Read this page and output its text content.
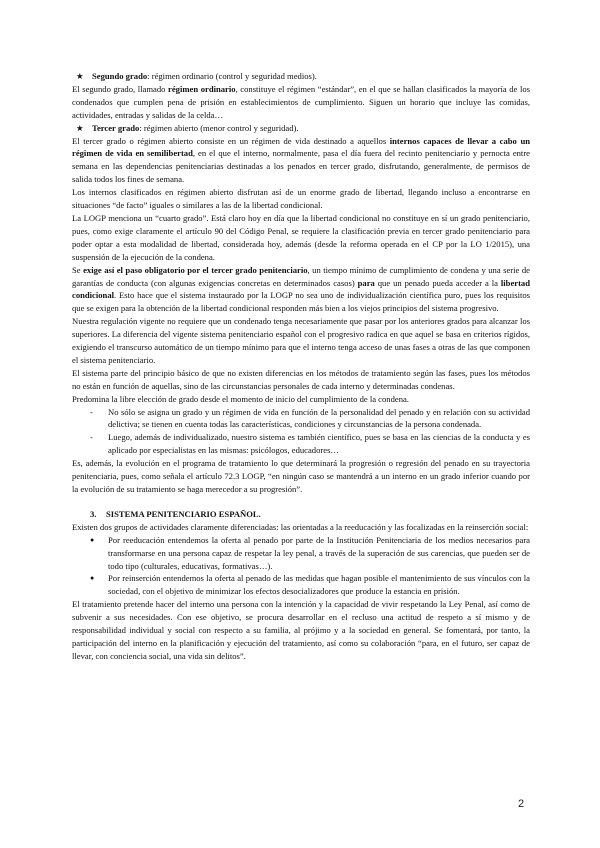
★ Segundo grado: régimen ordinario (control y seguridad medios).

El segundo grado, llamado régimen ordinario, constituye el régimen “estándar”, en el que se hallan clasificados la mayoría de los condenados que cumplen pena de prisión en establecimientos de cumplimiento. Siguen un horario que incluye las comidas, actividades, entradas y salidas de la celda…

★ Tercer grado: régimen abierto (menor control y seguridad).

El tercer grado o régimen abierto consiste en un régimen de vida destinado a aquellos internos capaces de llevar a cabo un régimen de vida en semilibertad, en el que el interno, normalmente, pasa el día fuera del recinto penitenciario y pernocta entre semana en las dependencias penitenciarias destinadas a los penados en tercer grado, disfrutando, generalmente, de permisos de salida todos los fines de semana.

Los internos clasificados en régimen abierto disfrutan así de un enorme grado de libertad, llegando incluso a encontrarse en situaciones “de facto” iguales o similares a las de la libertad condicional.

La LOGP menciona un “cuarto grado”. Está claro hoy en día que la libertad condicional no constituye en sí un grado penitenciario, pues, como exige claramente el artículo 90 del Código Penal, se requiere la clasificación previa en tercer grado penitenciario para poder optar a esta modalidad de libertad, considerada hoy, además (desde la reforma operada en el CP por la LO 1/2015), una suspensión de la ejecución de la condena.

Se exige así el paso obligatorio por el tercer grado penitenciario, un tiempo mínimo de cumplimiento de condena y una serie de garantías de conducta (con algunas exigencias concretas en determinados casos) para que un penado pueda acceder a la libertad condicional. Esto hace que el sistema instaurado por la LOGP no sea uno de individualización científica puro, pues los requisitos que se exigen para la obtención de la libertad condicional responden más bien a los viejos principios del sistema progresivo.

Nuestra regulación vigente no requiere que un condenado tenga necesariamente que pasar por los anteriores grados para alcanzar los superiores. La diferencia del vigente sistema penitenciario español con el progresivo radica en que aquel se basa en criterios rígidos, exigiendo el transcurso automático de un tiempo mínimo para que el interno tenga acceso de unas fases a otras de las que componen el sistema penitenciario.

El sistema parte del principio básico de que no existen diferencias en los métodos de tratamiento según las fases, pues los métodos no están en función de aquellas, sino de las circunstancias personales de cada interno y determinadas condenas.

Predomina la libre elección de grado desde el momento de inicio del cumplimiento de la condena.

- No sólo se asigna un grado y un régimen de vida en función de la personalidad del penado y en relación con su actividad delictiva; se tienen en cuenta todas las características, condiciones y circunstancias de la persona condenada.
- Luego, además de individualizado, nuestro sistema es también científico, pues se basa en las ciencias de la conducta y es aplicado por especialistas en las mismas: psicólogos, educadores…

Es, además, la evolución en el programa de tratamiento lo que determinará la progresión o regresión del penado en su trayectoria penitenciaria, pues, como señala el artículo 72.3 LOGP, “en ningún caso se mantendrá a un interno en un grado inferior cuando por la evolución de su tratamiento se haga merecedor a su progresión”.

3. SISTEMA PENITENCIARIO ESPAÑOL.

Existen dos grupos de actividades claramente diferenciadas: las orientadas a la reeducación y las focalizadas en la reinserción social:

● Por reeducación entendemos la oferta al penado por parte de la Institución Penitenciaria de los medios necesarios para transformarse en una persona capaz de respetar la ley penal, a través de la superación de sus carencias, que pueden ser de todo tipo (culturales, educativas, formativas…).
● Por reinserción entendemos la oferta al penado de las medidas que hagan posible el mantenimiento de sus vínculos con la sociedad, con el objetivo de minimizar los efectos desocializadores que produce la estancia en prisión.

El tratamiento pretende hacer del interno una persona con la intención y la capacidad de vivir respetando la Ley Penal, así como de subvenir a sus necesidades. Con ese objetivo, se procura desarrollar en el recluso una actitud de respeto a sí mismo y de responsabilidad individual y social con respecto a su familia, al prójimo y a la sociedad en general. Se fomentará, por tanto, la participación del interno en la planificación y ejecución del tratamiento, así como su colaboración “para, en el futuro, ser capaz de llevar, con conciencia social, una vida sin delitos”.

2
